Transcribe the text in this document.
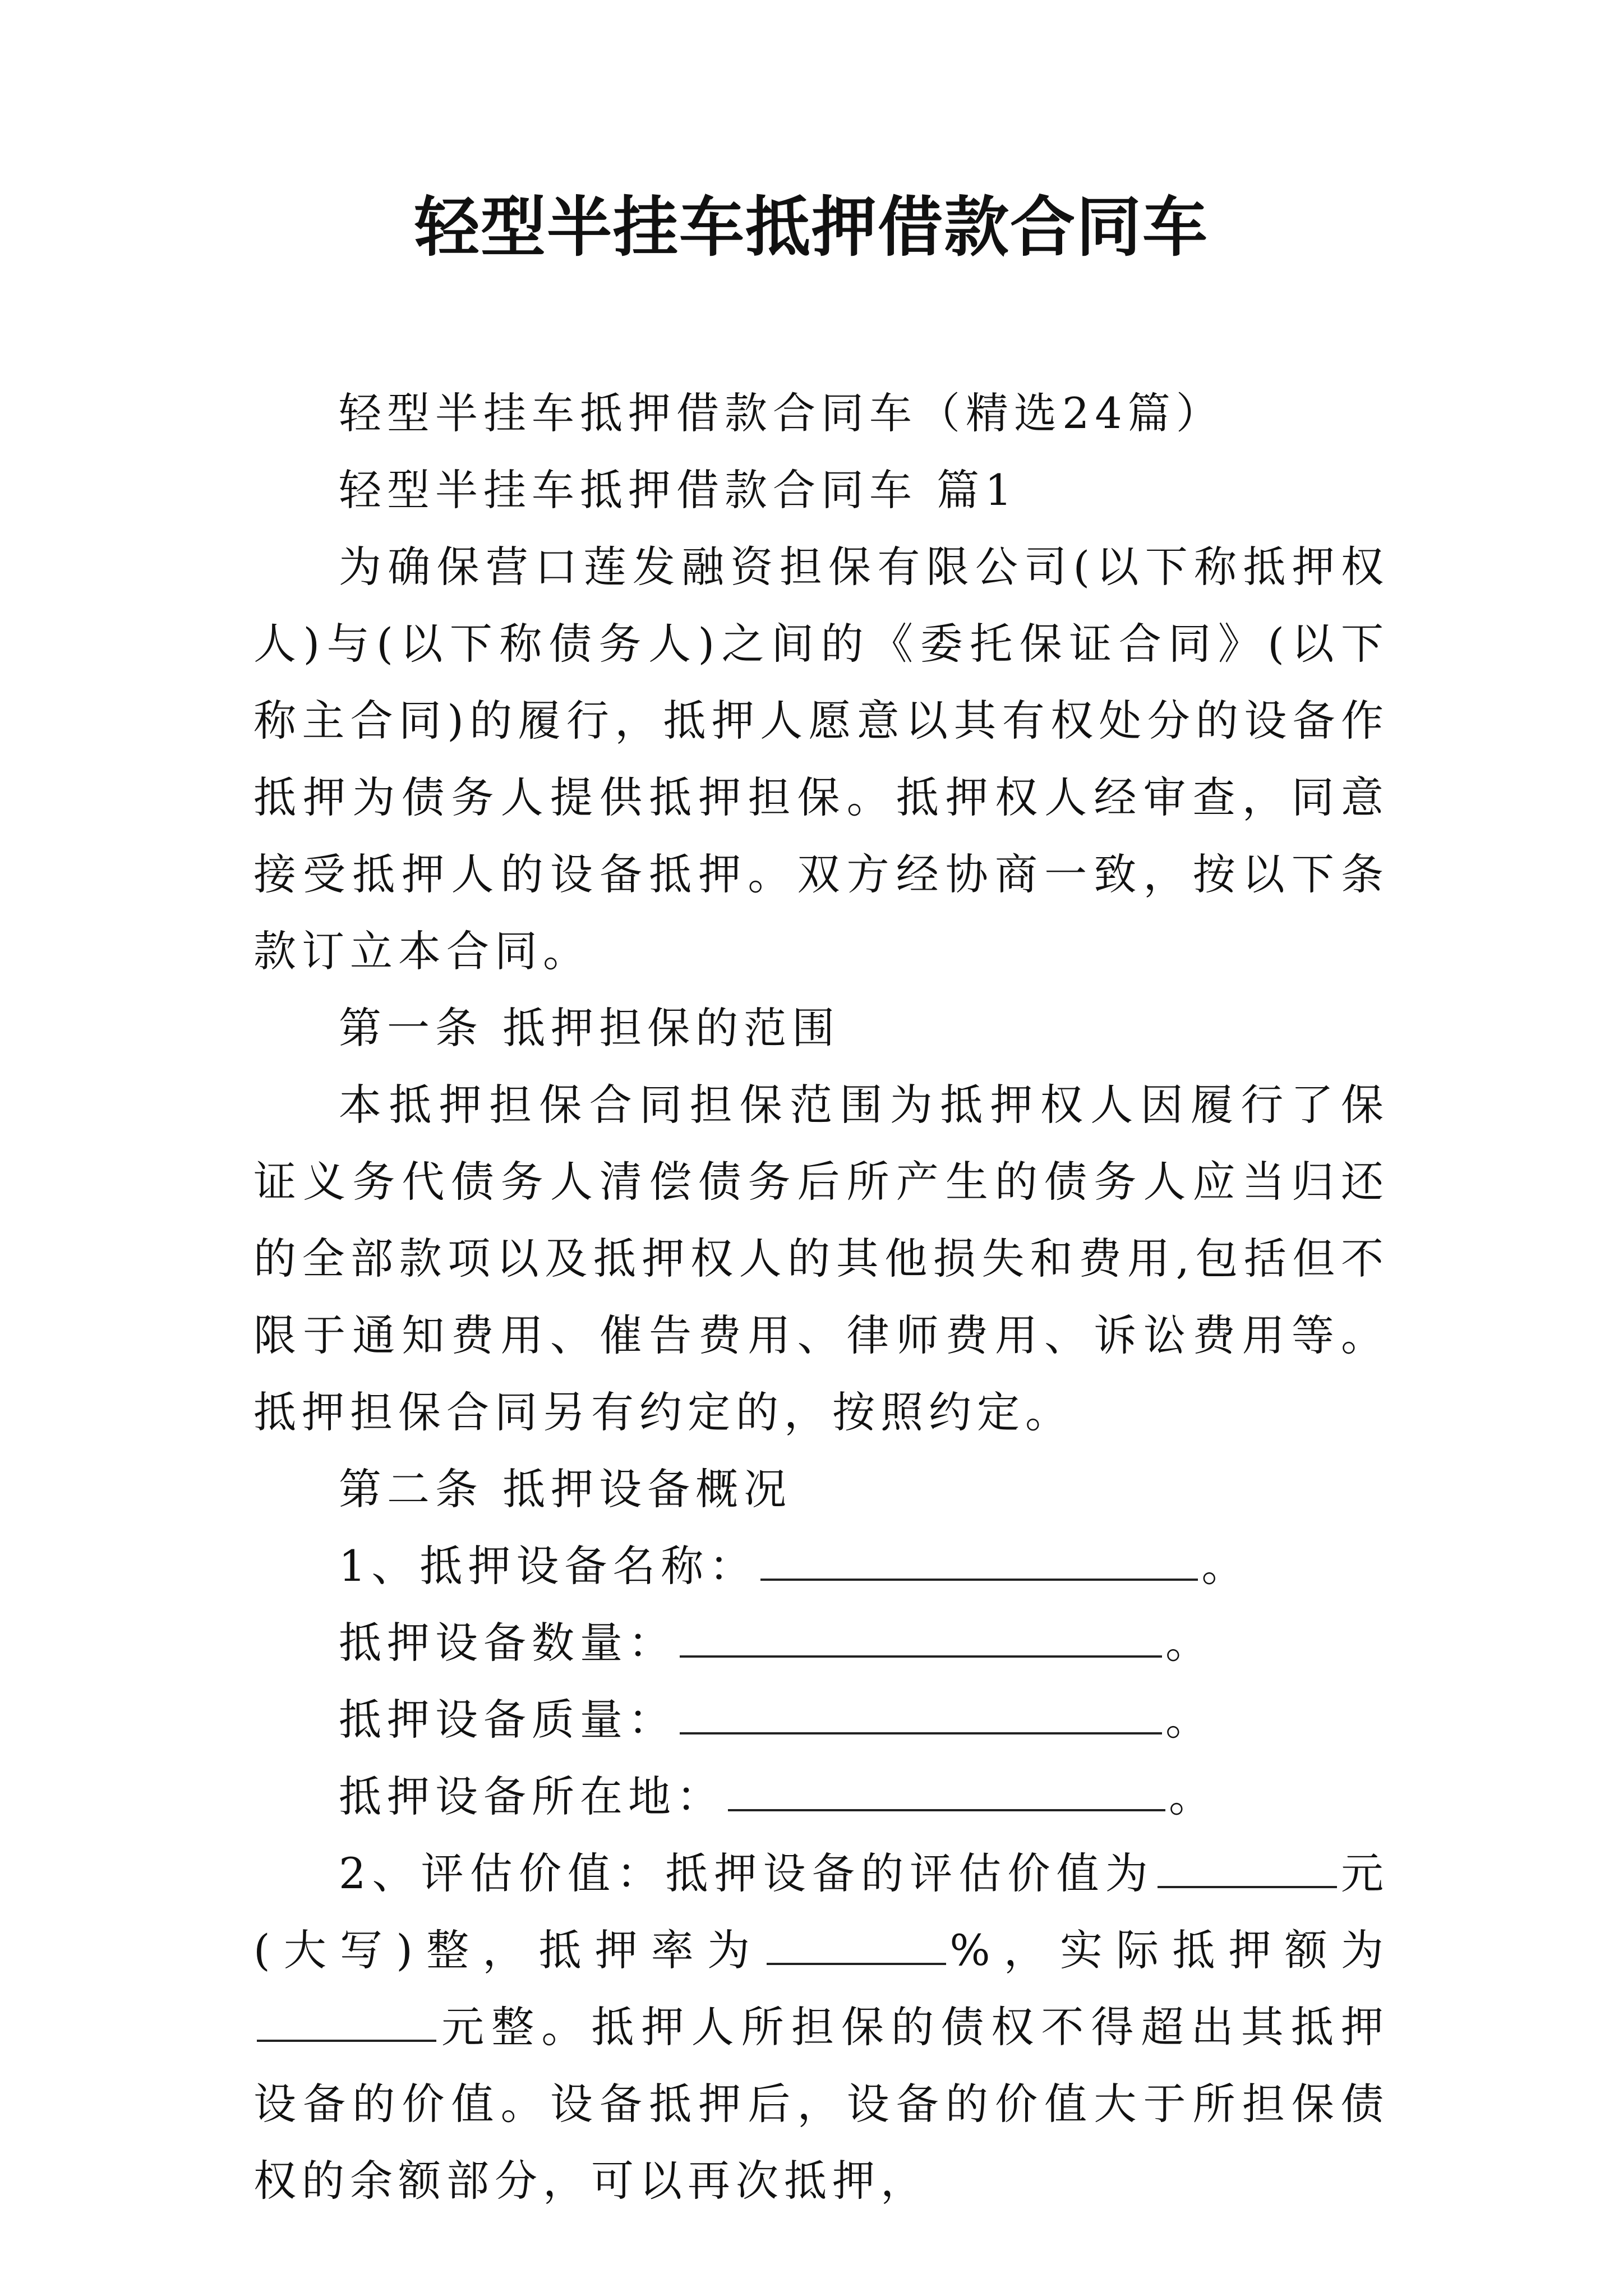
轻型半挂车抵押借款合同车

轻型半挂车抵押借款合同车（精选24篇）

轻型半挂车抵押借款合同车 篇1

为确保营口莲发融资担保有限公司(以下称抵押权人)与(以下称债务人)之间的《委托保证合同》(以下称主合同)的履行，抵押人愿意以其有权处分的设备作抵押为债务人提供抵押担保。抵押权人经审查，同意接受抵押人的设备抵押。双方经协商一致，按以下条款订立本合同。

第一条 抵押担保的范围

本抵押担保合同担保范围为抵押权人因履行了保证义务代债务人清偿债务后所产生的债务人应当归还的全部款项以及抵押权人的其他损失和费用,包括但不限于通知费用、催告费用、律师费用、诉讼费用等。抵押担保合同另有约定的，按照约定。

第二条 抵押设备概况

1、抵押设备名称：	。

抵押设备数量：	。

抵押设备质量：	。

抵押设备所在地：	。

2、评估价值：抵押设备的评估价值为	元(大写)整，抵押率为	%，实际抵押额为元整。抵押人所担保的债权不得超出其抵押设备的价值。设备抵押后，设备的价值大于所担保债权的余额部分，可以再次抵押，
